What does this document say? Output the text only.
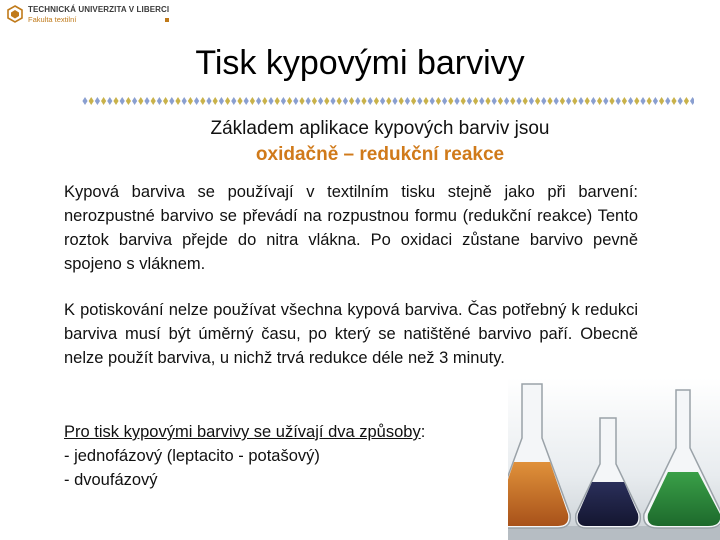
TECHNICKÁ UNIVERZITA V LIBERCI
Fakulta textilní
Tisk kypovými barvivy
Základem aplikace kypových barviv jsou
oxidačně – redukční reakce
Kypová barviva se používají v textilním tisku stejně jako při barvení: nerozpustné barvivo se převádí na rozpustnou formu (redukční reakce) Tento roztok barviva přejde do nitra vlákna. Po oxidaci zůstane barvivo pevně spojeno s vláknem.
K potiskování nelze používat všechna kypová barviva. Čas potřebný k redukci barviva musí být úměrný času, po který se natištěné barvivo paří. Obecně nelze použít barviva, u nichž trvá redukce déle než 3 minuty.
Pro tisk kypovými barvivy se užívají dva způsoby:
- jednofázový (leptacito - potašový)
- dvoufázový
